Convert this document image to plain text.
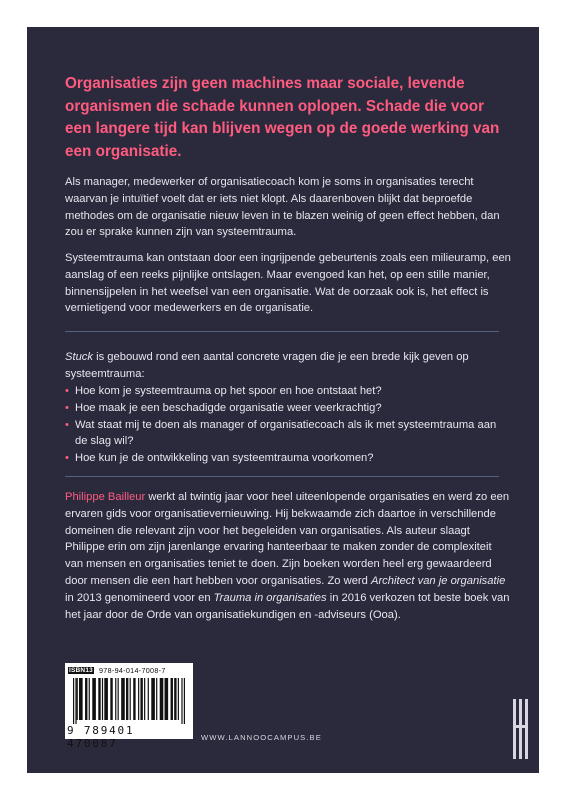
Organisaties zijn geen machines maar sociale, levende organismen die schade kunnen oplopen. Schade die voor een langere tijd kan blijven wegen op de goede werking van een organisatie.

Als manager, medewerker of organisatiecoach kom je soms in organisaties terecht waarvan je intuïtief voelt dat er iets niet klopt. Als daarenboven blijkt dat beproefde methodes om de organisatie nieuw leven in te blazen weinig of geen effect hebben, dan zou er sprake kunnen zijn van systeemtrauma.

Systeemtrauma kan ontstaan door een ingrijpende gebeurtenis zoals een milieuramp, een aanslag of een reeks pijnlijke ontslagen. Maar evengoed kan het, op een stille manier, binnensijpelen in het weefsel van een organisatie. Wat de oorzaak ook is, het effect is vernietigend voor medewerkers en de organisatie.

Stuck is gebouwd rond een aantal concrete vragen die je een brede kijk geven op systeemtrauma:

• Hoe kom je systeemtrauma op het spoor en hoe ontstaat het?
• Hoe maak je een beschadigde organisatie weer veerkrachtig?
• Wat staat mij te doen als manager of organisatiecoach als ik met systeemtrauma aan de slag wil?
• Hoe kun je de ontwikkeling van systeemtrauma voorkomen?

Philippe Bailleur werkt al twintig jaar voor heel uiteenlopende organisaties en werd zo een ervaren gids voor organisatievernieuwing. Hij bekwaamde zich daartoe in verschillende domeinen die relevant zijn voor het begeleiden van organisaties. Als auteur slaagt Philippe erin om zijn jarenlange ervaring hanteerbaar te maken zonder de complexiteit van mensen en organisaties teniet te doen. Zijn boeken worden heel erg gewaardeerd door mensen die een hart hebben voor organisaties. Zo werd Architect van je organisatie in 2013 genomineerd voor en Trauma in organisaties in 2016 verkozen tot beste boek van het jaar door de Orde van organisatiekundigen en -adviseurs (Ooa).

ISBN13 978-94-014-7008-7
9 789401 470087	WWW.LANNOOCAMPUS.BE
